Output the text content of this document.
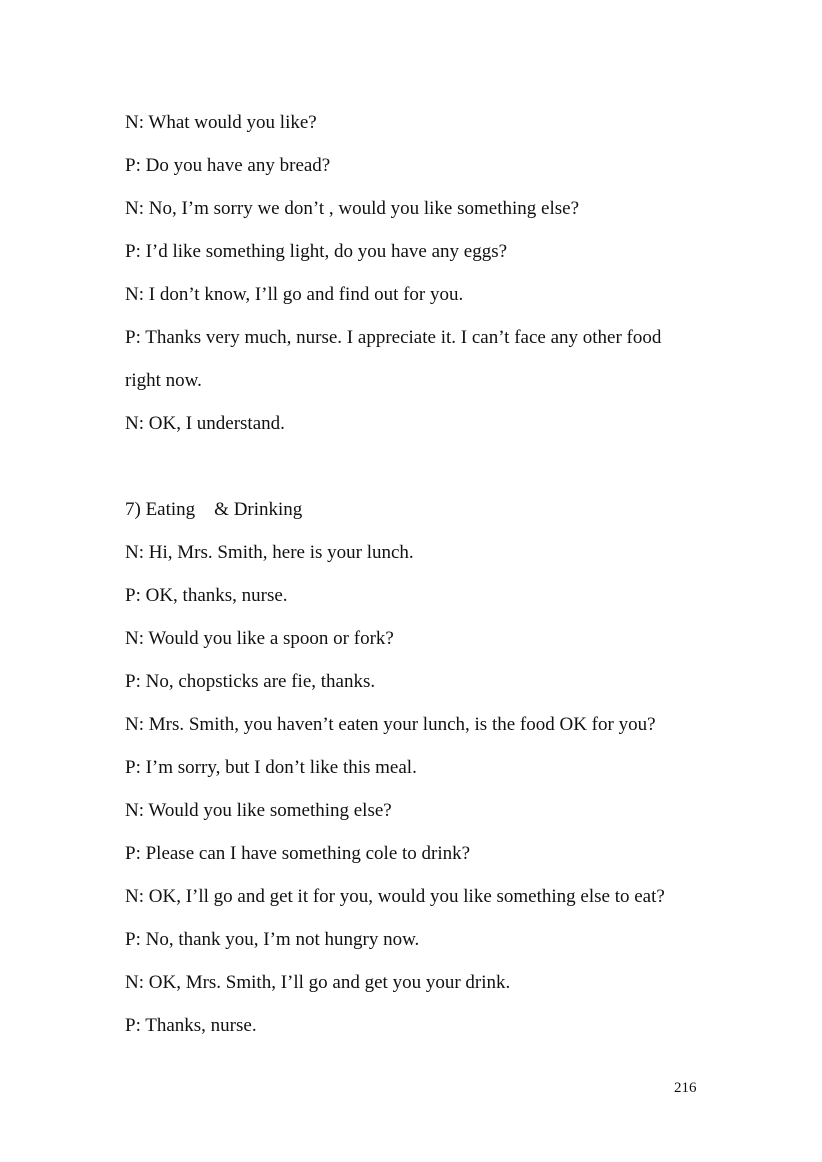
N: What would you like?
P: Do you have any bread?
N: No, I’m sorry we don’t , would you like something else?
P: I’d like something light, do you have any eggs?
N: I don’t know, I’ll go and find out for you.
P: Thanks very much, nurse. I appreciate it. I can’t face any other food
right now.
N: OK, I understand.
7) Eating    & Drinking
N: Hi, Mrs. Smith, here is your lunch.
P: OK, thanks, nurse.
N: Would you like a spoon or fork?
P: No, chopsticks are fie, thanks.
N: Mrs. Smith, you haven’t eaten your lunch, is the food OK for you?
P: I’m sorry, but I don’t like this meal.
N: Would you like something else?
P: Please can I have something cole to drink?
N: OK, I’ll go and get it for you, would you like something else to eat?
P: No, thank you, I’m not hungry now.
N: OK, Mrs. Smith, I’ll go and get you your drink.
P: Thanks, nurse.
216
